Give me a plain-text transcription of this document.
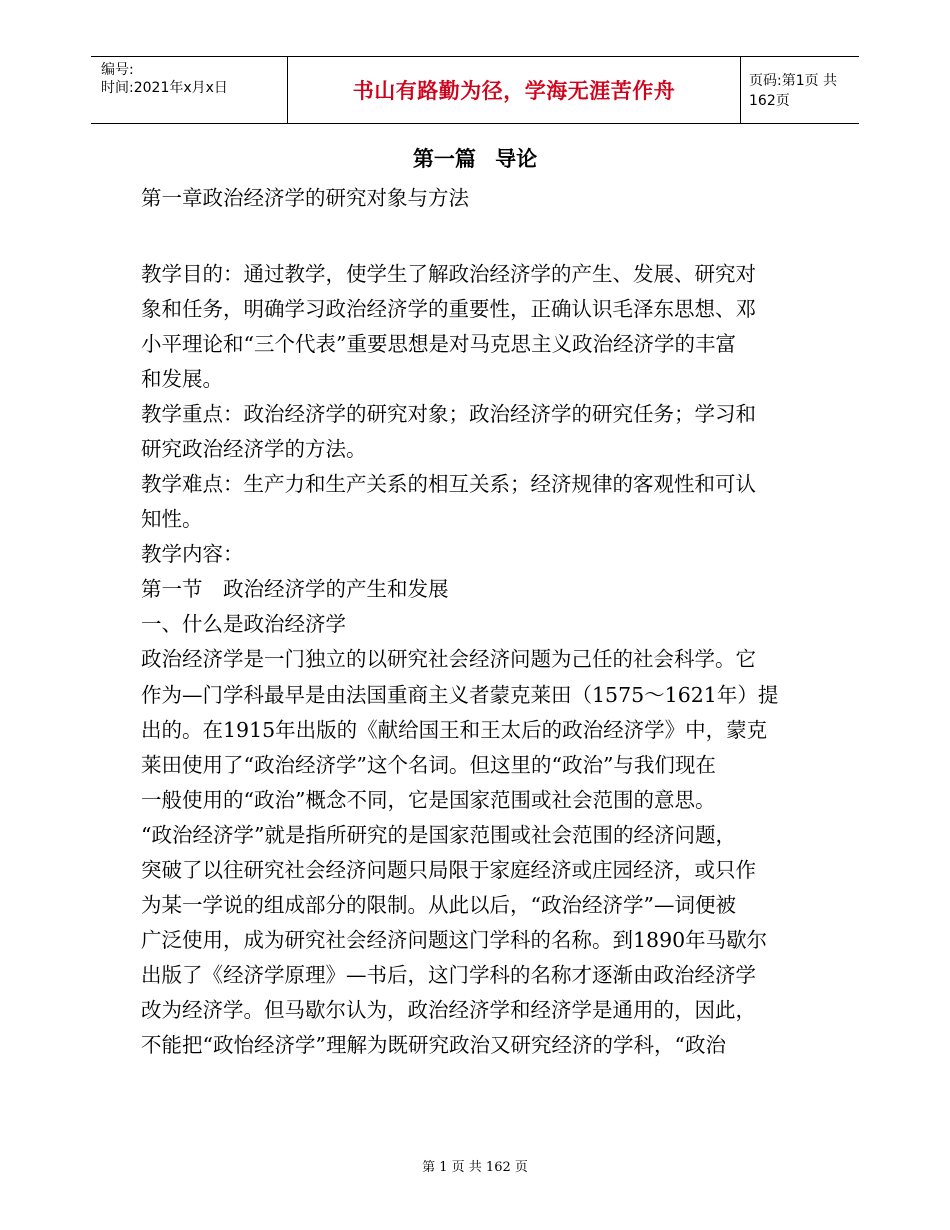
编号:
时间:2021年x月x日	书山有路勤为径，学海无涯苦作舟	页码:第1页 共162页
第一篇 导论
第一章政治经济学的研究对象与方法
教学目的：通过教学，使学生了解政治经济学的产生、发展、研究对
象和任务，明确学习政治经济学的重要性，正确认识毛泽东思想、邓
小平理论和“三个代表”重要思想是对马克思主义政治经济学的丰富
和发展。
教学重点：政治经济学的研究对象；政治经济学的研究任务；学习和
研究政治经济学的方法。
教学难点：生产力和生产关系的相互关系；经济规律的客观性和可认
知性。
教学内容：
第一节　政治经济学的产生和发展
一、什么是政治经济学
政治经济学是一门独立的以研究社会经济问题为己任的社会科学。它
作为—门学科最早是由法国重商主义者蒙克莱田（1575～1621年）提
出的。在1915年出版的《献给国王和王太后的政治经济学》中，蒙克
莱田使用了“政治经济学”这个名词。但这里的“政治”与我们现在
一般使用的“政治”概念不同，它是国家范围或社会范围的意思。
“政治经济学”就是指所研究的是国家范围或社会范围的经济问题，
突破了以往研究社会经济问题只局限于家庭经济或庄园经济，或只作
为某一学说的组成部分的限制。从此以后，“政治经济学”—词便被
广泛使用，成为研究社会经济问题这门学科的名称。到1890年马歇尔
出版了《经济学原理》—书后，这门学科的名称才逐渐由政治经济学
改为经济学。但马歇尔认为，政治经济学和经济学是通用的，因此，
不能把“政怡经济学”理解为既研究政治又研究经济的学科，“政治
第 1 页 共 162 页
